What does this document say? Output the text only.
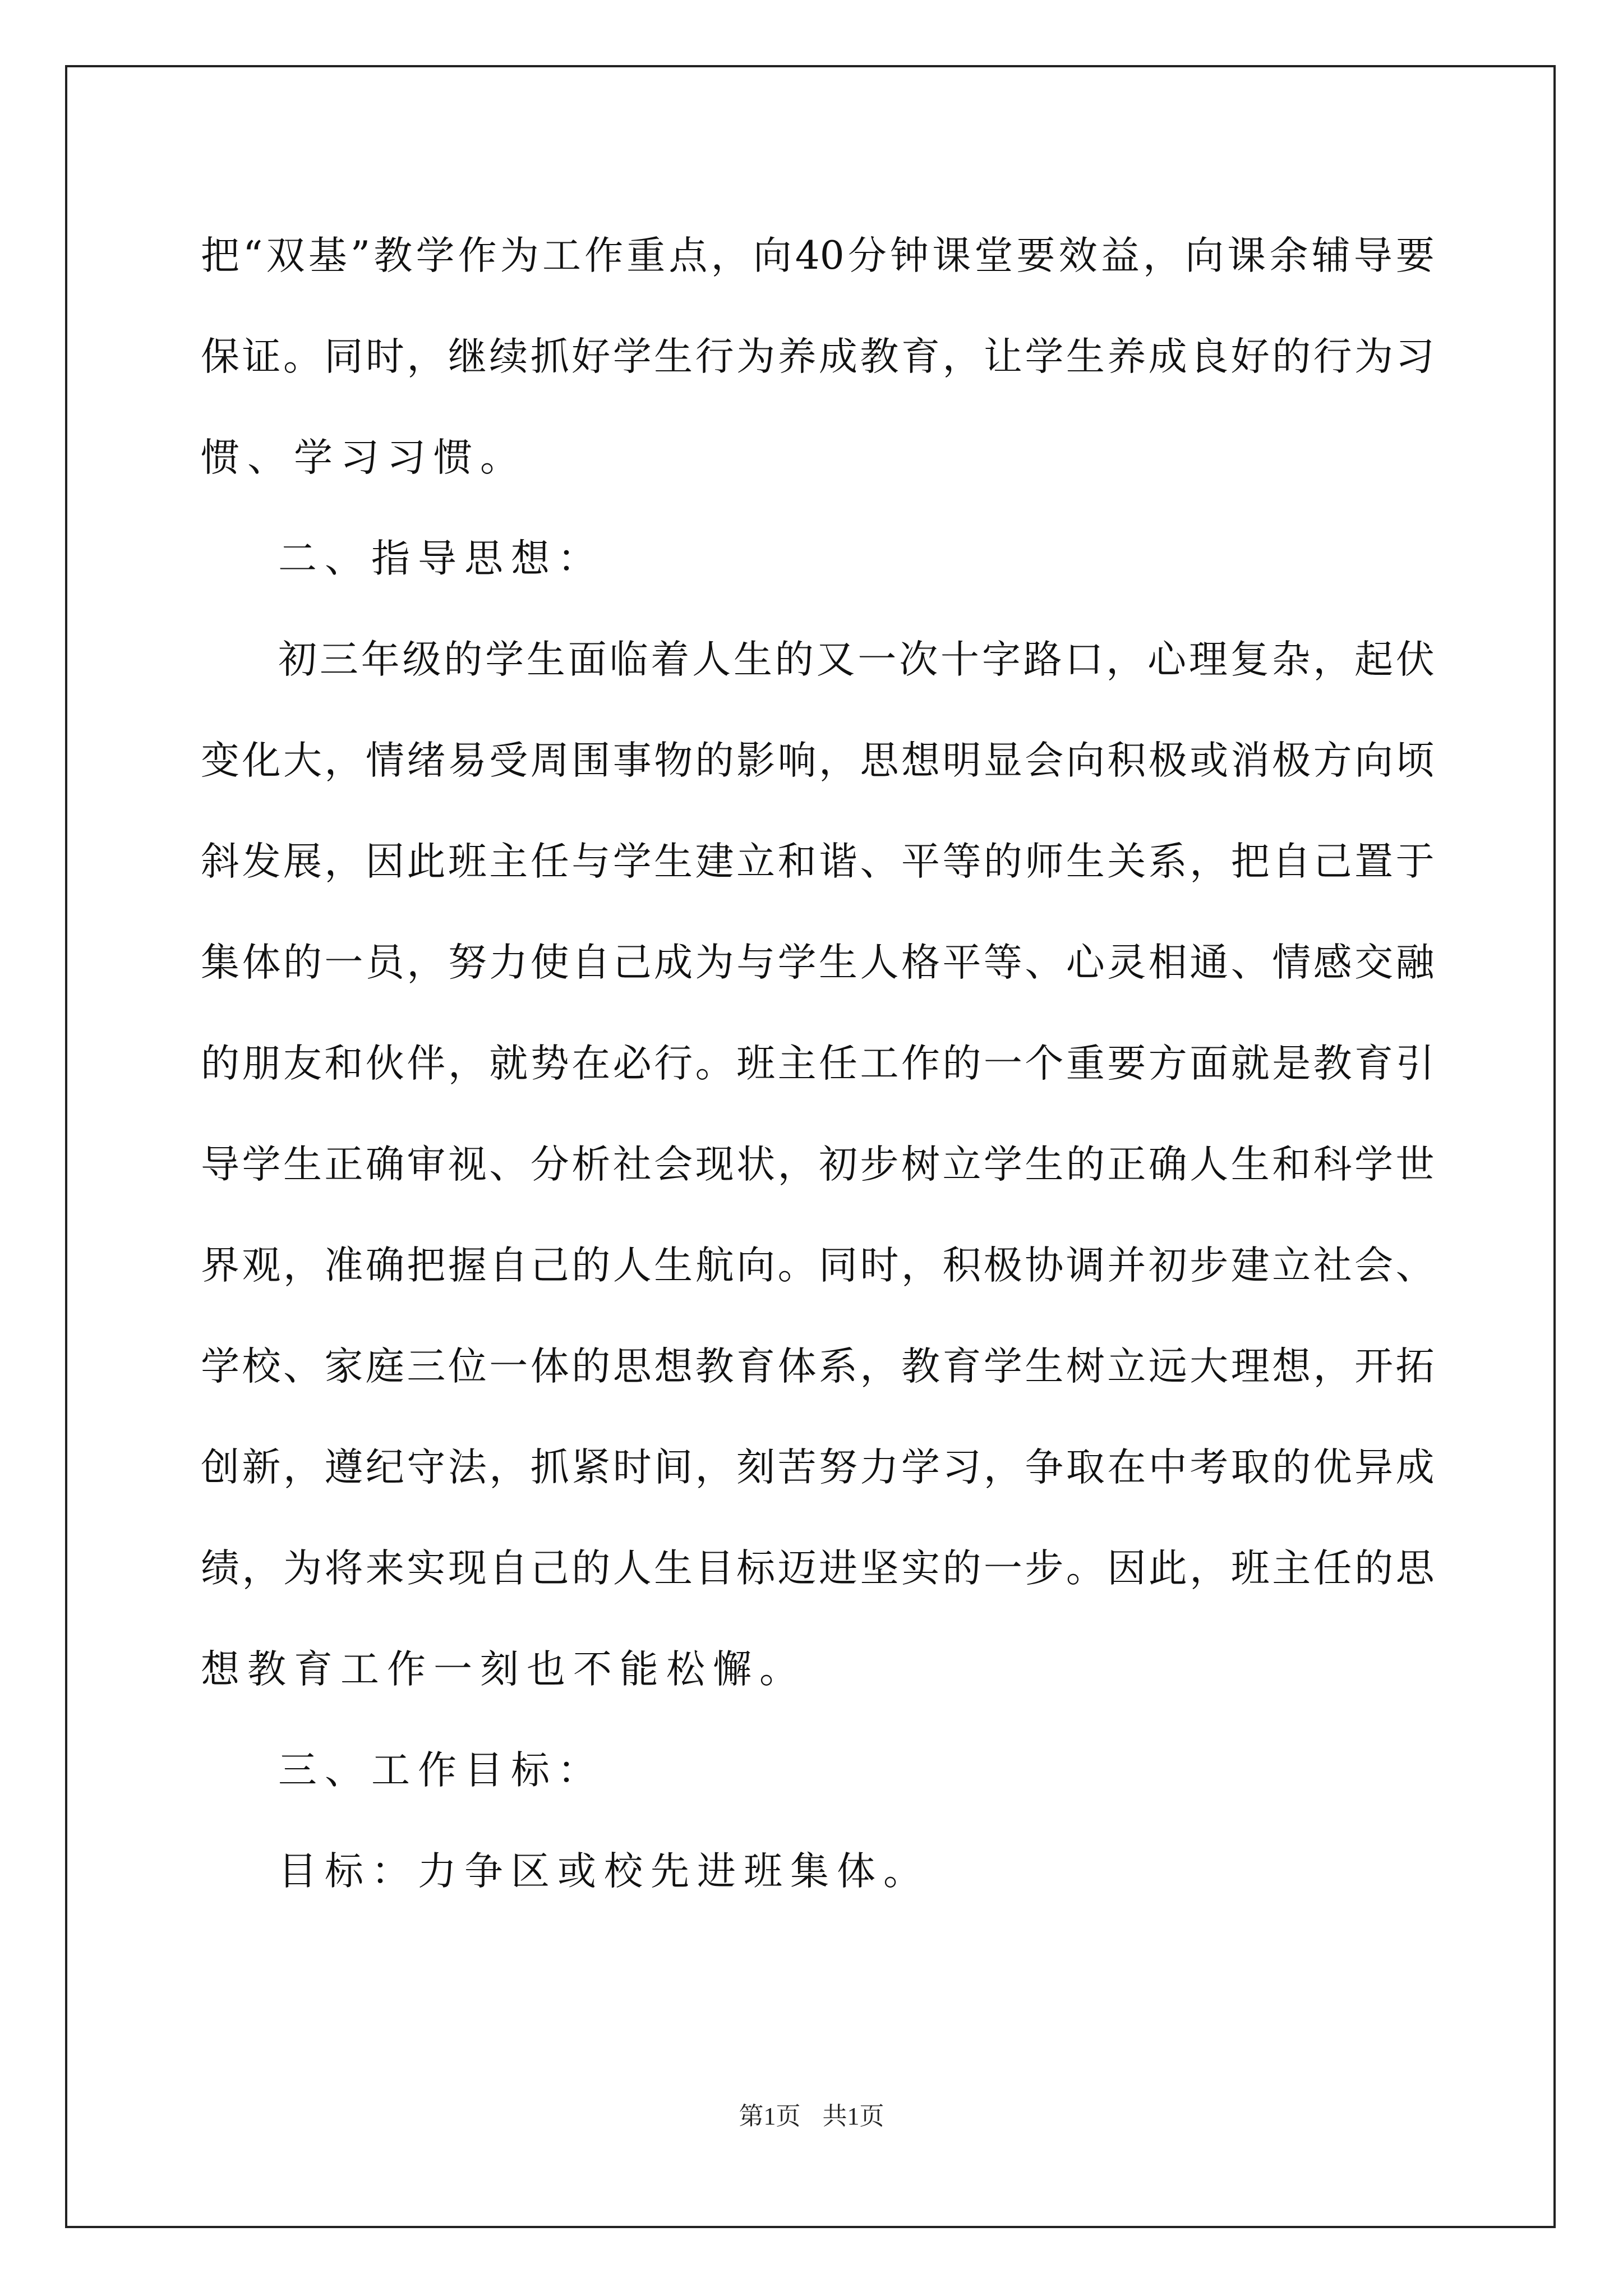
把 “ 双 基 ” 教 学 作 为 工 作 重 点 ， 向 40 分 钟 课 堂 要 效 益 ， 向 课 余 辅 导 要
保 证 。 同 时 ， 继 续 抓 好 学 生 行 为 养 成 教 育 ， 让 学 生 养 成 良 好 的 行 为 习
惯、学习习惯。
二、指导思想：
初 三 年 级 的 学 生 面 临 着 人 生 的 又 一 次 十 字 路 口 ， 心 理 复 杂 ， 起 伏
变 化 大 ， 情 绪 易 受 周 围 事 物 的 影 响 ， 思 想 明 显 会 向 积 极 或 消 极 方 向 顷
斜 发 展 ， 因 此 班 主 任 与 学 生 建 立 和 谐 、 平 等 的 师 生 关 系 ， 把 自 己 置 于
集 体 的 一 员 ， 努 力 使 自 己 成 为 与 学 生 人 格 平 等 、 心 灵 相 通 、 情 感 交 融
的 朋 友 和 伙 伴 ， 就 势 在 必 行 。 班 主 任 工 作 的 一 个 重 要 方 面 就 是 教 育 引
导 学 生 正 确 审 视 、 分 析 社 会 现 状 ， 初 步 树 立 学 生 的 正 确 人 生 和 科 学 世
界 观 ， 准 确 把 握 自 己 的 人 生 航 向 。 同 时 ， 积 极 协 调 并 初 步 建 立 社 会 、
学 校 、 家 庭 三 位 一 体 的 思 想 教 育 体 系 ， 教 育 学 生 树 立 远 大 理 想 ， 开 拓
创 新 ， 遵 纪 守 法 ， 抓 紧 时 间 ， 刻 苦 努 力 学 习 ， 争 取 在 中 考 取 的 优 异 成
绩 ， 为 将 来 实 现 自 己 的 人 生 目 标 迈 进 坚 实 的 一 步 。 因 此 ， 班 主 任 的 思
想教育工作一刻也不能松懈。
三、工作目标：
目标：力争区或校先进班集体。
第1页 共1页
